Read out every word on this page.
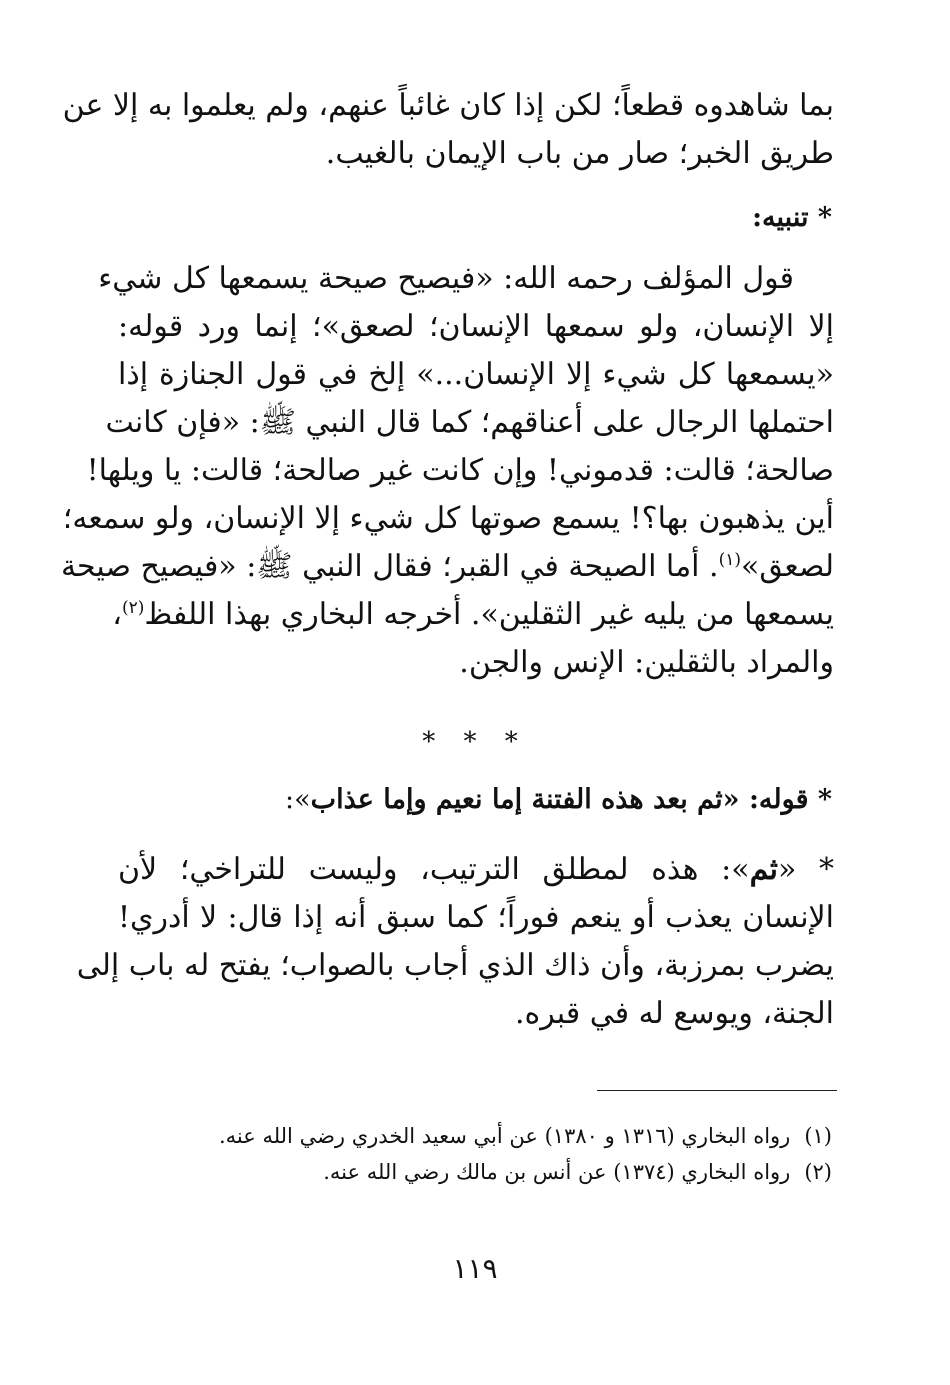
بما شاهدوه قطعاً؛ لكن إذا كان غائباً عنهم، ولم يعلموا به إلا عن
طريق الخبر؛ صار من باب الإيمان بالغيب.
* تنبيه:
قول المؤلف رحمه الله: «فيصيح صيحة يسمعها كل شيء
إلا الإنسان، ولو سمعها الإنسان؛ لصعق»؛ إنما ورد قوله:
«يسمعها كل شيء إلا الإنسان...» إلخ في قول الجنازة إذا
احتملها الرجال على أعناقهم؛ كما قال النبي ﷺ: «فإن كانت
صالحة؛ قالت: قدموني! وإن كانت غير صالحة؛ قالت: يا ويلها!
أين يذهبون بها؟! يسمع صوتها كل شيء إلا الإنسان، ولو سمعه؛
لصعق»$^{(١)}$. أما الصيحة في القبر؛ فقال النبي ﷺ: «فيصيح صيحة
يسمعها من يليه غير الثقلين». أخرجه البخاري بهذا اللفظ$^{(٢)}$،
والمراد بالثقلين: الإنس والجن.
* * *
* قوله: «ثم بعد هذه الفتنة إما نعيم وإما عذاب»:
* «ثم»: هذه لمطلق الترتيب، وليست للتراخي؛ لأن
الإنسان يعذب أو ينعم فوراً؛ كما سبق أنه إذا قال: لا أدري!
يضرب بمرزبة، وأن ذاك الذي أجاب بالصواب؛ يفتح له باب إلى
الجنة، ويوسع له في قبره.
(١)رواه البخاري (١٣١٦ و ١٣٨٠) عن أبي سعيد الخدري رضي الله عنه.
(٢)رواه البخاري (١٣٧٤) عن أنس بن مالك رضي الله عنه.
١١٩
